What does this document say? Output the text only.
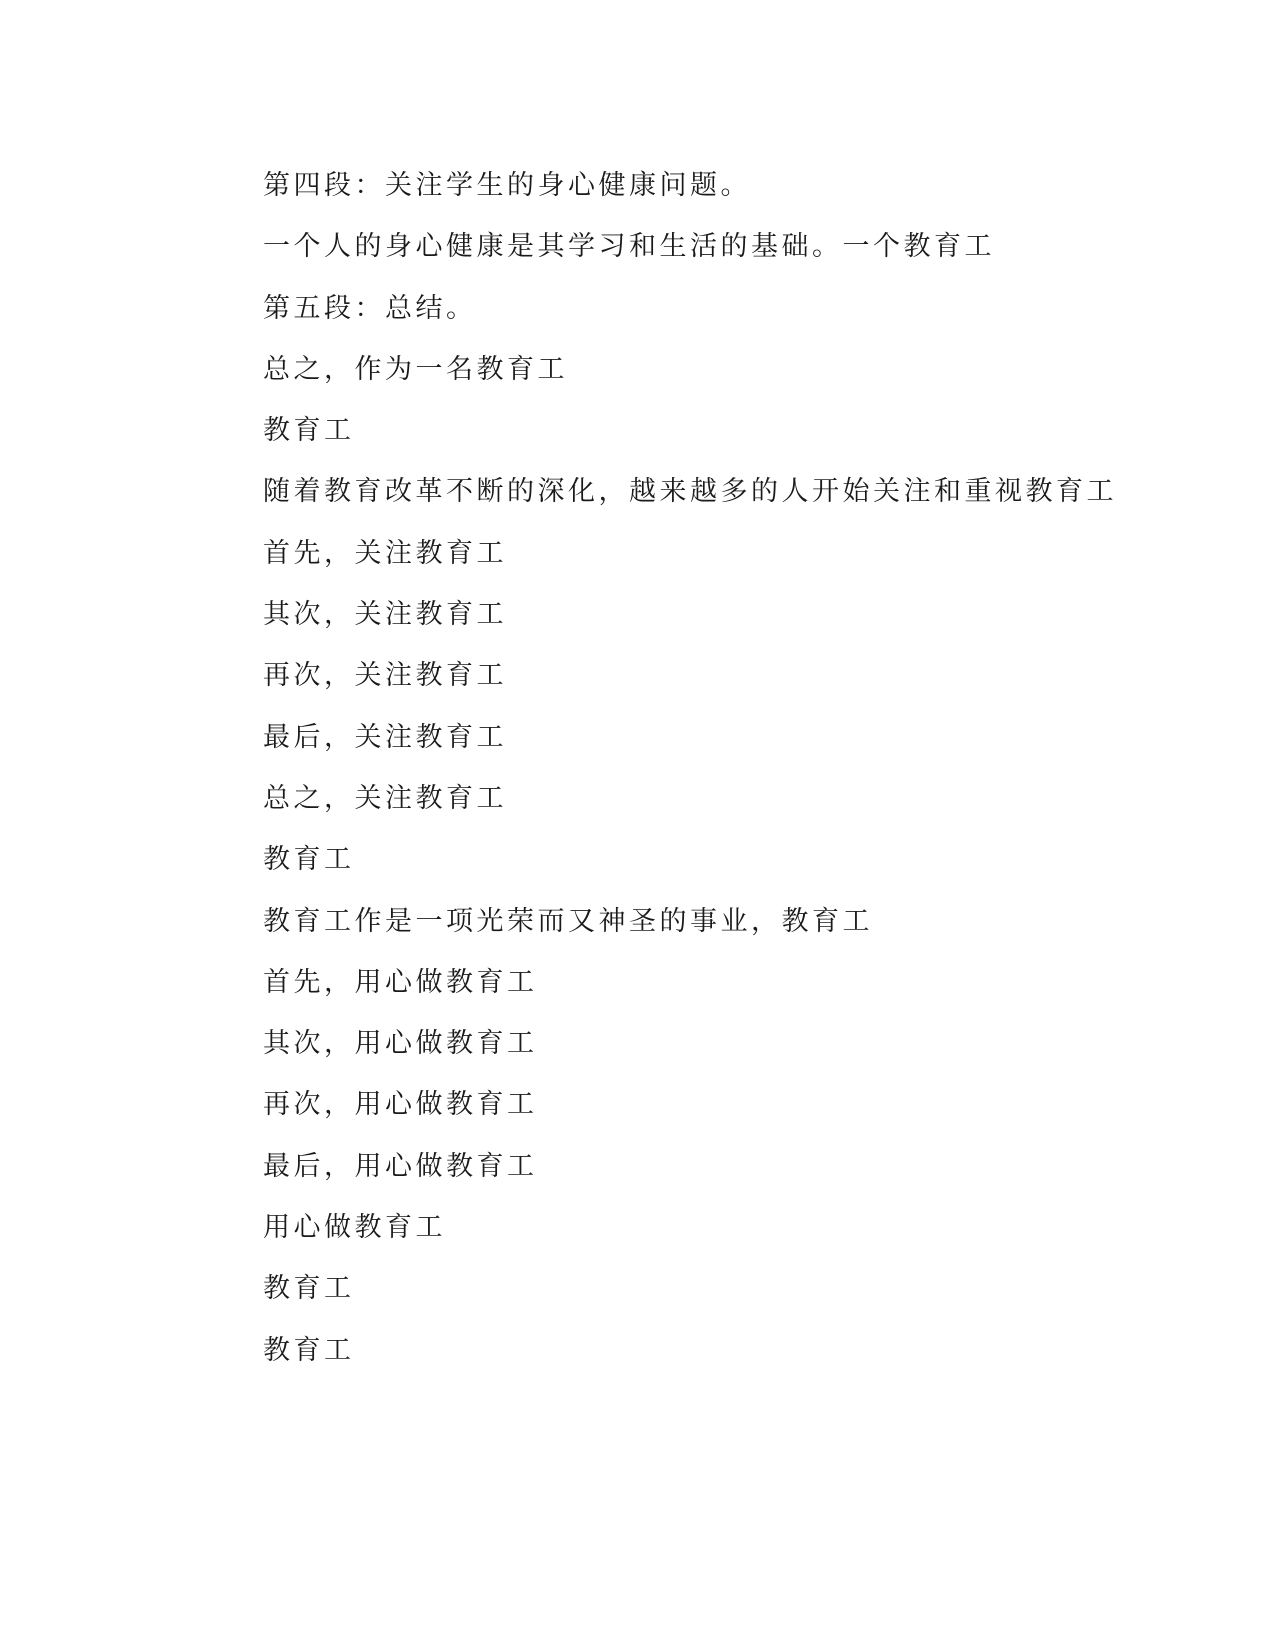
第四段：关注学生的身心健康问题。
一个人的身心健康是其学习和生活的基础。一个教育工
第五段：总结。
总之，作为一名教育工
教育工
随着教育改革不断的深化，越来越多的人开始关注和重视教育工
首先，关注教育工
其次，关注教育工
再次，关注教育工
最后，关注教育工
总之，关注教育工
教育工
教育工作是一项光荣而又神圣的事业，教育工
首先，用心做教育工
其次，用心做教育工
再次，用心做教育工
最后，用心做教育工
用心做教育工
教育工
教育工
